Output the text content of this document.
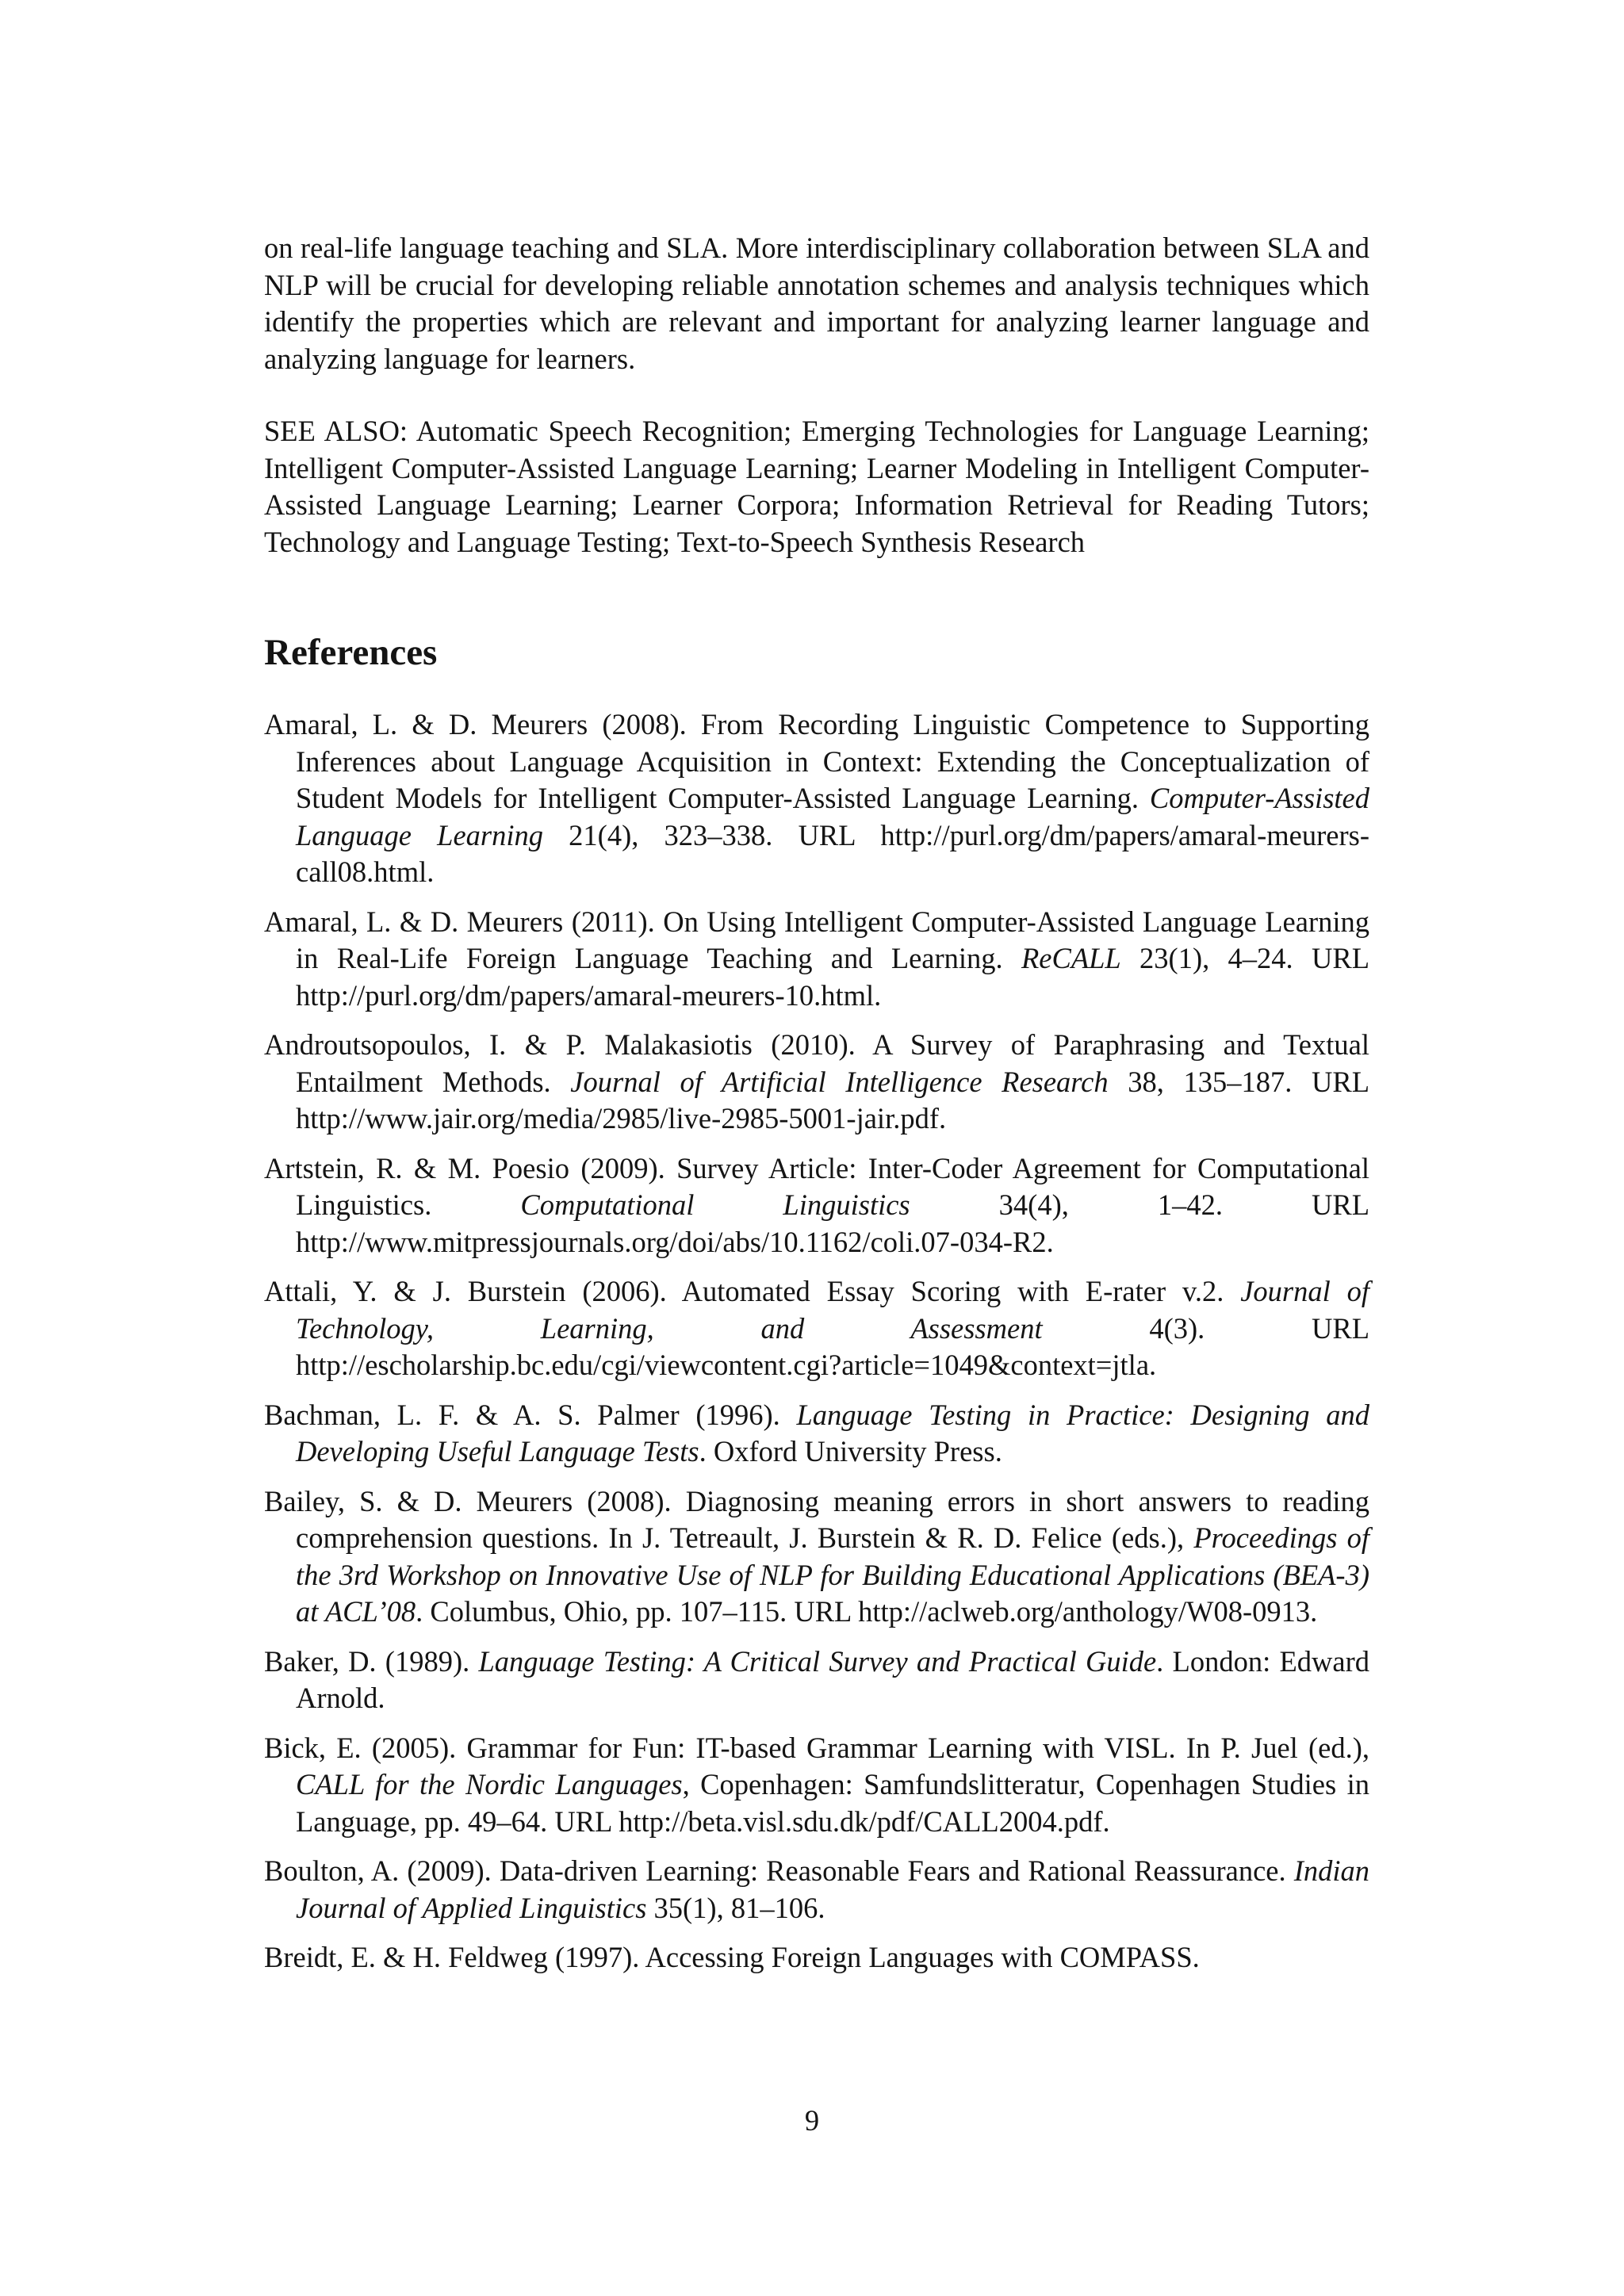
on real-life language teaching and SLA. More interdisciplinary collaboration between SLA and NLP will be crucial for developing reliable annotation schemes and analysis techniques which identify the properties which are relevant and important for analyzing learner language and analyzing language for learners.

SEE ALSO: Automatic Speech Recognition; Emerging Technologies for Language Learning; Intelligent Computer-Assisted Language Learning; Learner Modeling in Intelligent Computer-Assisted Language Learning; Learner Corpora; Information Retrieval for Reading Tutors; Technology and Language Testing; Text-to-Speech Synthesis Research

References
Amaral, L. & D. Meurers (2008). From Recording Linguistic Competence to Supporting Inferences about Language Acquisition in Context: Extending the Conceptualization of Student Models for Intelligent Computer-Assisted Language Learning. Computer-Assisted Language Learning 21(4), 323–338. URL http://purl.org/dm/papers/amaral-meurers-call08.html.
Amaral, L. & D. Meurers (2011). On Using Intelligent Computer-Assisted Language Learning in Real-Life Foreign Language Teaching and Learning. ReCALL 23(1), 4–24. URL http://purl.org/dm/papers/amaral-meurers-10.html.
Androutsopoulos, I. & P. Malakasiotis (2010). A Survey of Paraphrasing and Textual Entailment Methods. Journal of Artificial Intelligence Research 38, 135–187. URL http://www.jair.org/media/2985/live-2985-5001-jair.pdf.
Artstein, R. & M. Poesio (2009). Survey Article: Inter-Coder Agreement for Computational Linguistics. Computational Linguistics 34(4), 1–42. URL http://www.mitpressjournals.org/doi/abs/10.1162/coli.07-034-R2.
Attali, Y. & J. Burstein (2006). Automated Essay Scoring with E-rater v.2. Journal of Technology, Learning, and Assessment 4(3). URL http://escholarship.bc.edu/cgi/viewcontent.cgi?article=1049&context=jtla.
Bachman, L. F. & A. S. Palmer (1996). Language Testing in Practice: Designing and Developing Useful Language Tests. Oxford University Press.
Bailey, S. & D. Meurers (2008). Diagnosing meaning errors in short answers to reading comprehension questions. In J. Tetreault, J. Burstein & R. D. Felice (eds.), Proceedings of the 3rd Workshop on Innovative Use of NLP for Building Educational Applications (BEA-3) at ACL’08. Columbus, Ohio, pp. 107–115. URL http://aclweb.org/anthology/W08-0913.
Baker, D. (1989). Language Testing: A Critical Survey and Practical Guide. London: Edward Arnold.
Bick, E. (2005). Grammar for Fun: IT-based Grammar Learning with VISL. In P. Juel (ed.), CALL for the Nordic Languages, Copenhagen: Samfundslitteratur, Copenhagen Studies in Language, pp. 49–64. URL http://beta.visl.sdu.dk/pdf/CALL2004.pdf.
Boulton, A. (2009). Data-driven Learning: Reasonable Fears and Rational Reassurance. Indian Journal of Applied Linguistics 35(1), 81–106.
Breidt, E. & H. Feldweg (1997). Accessing Foreign Languages with COMPASS.
9
